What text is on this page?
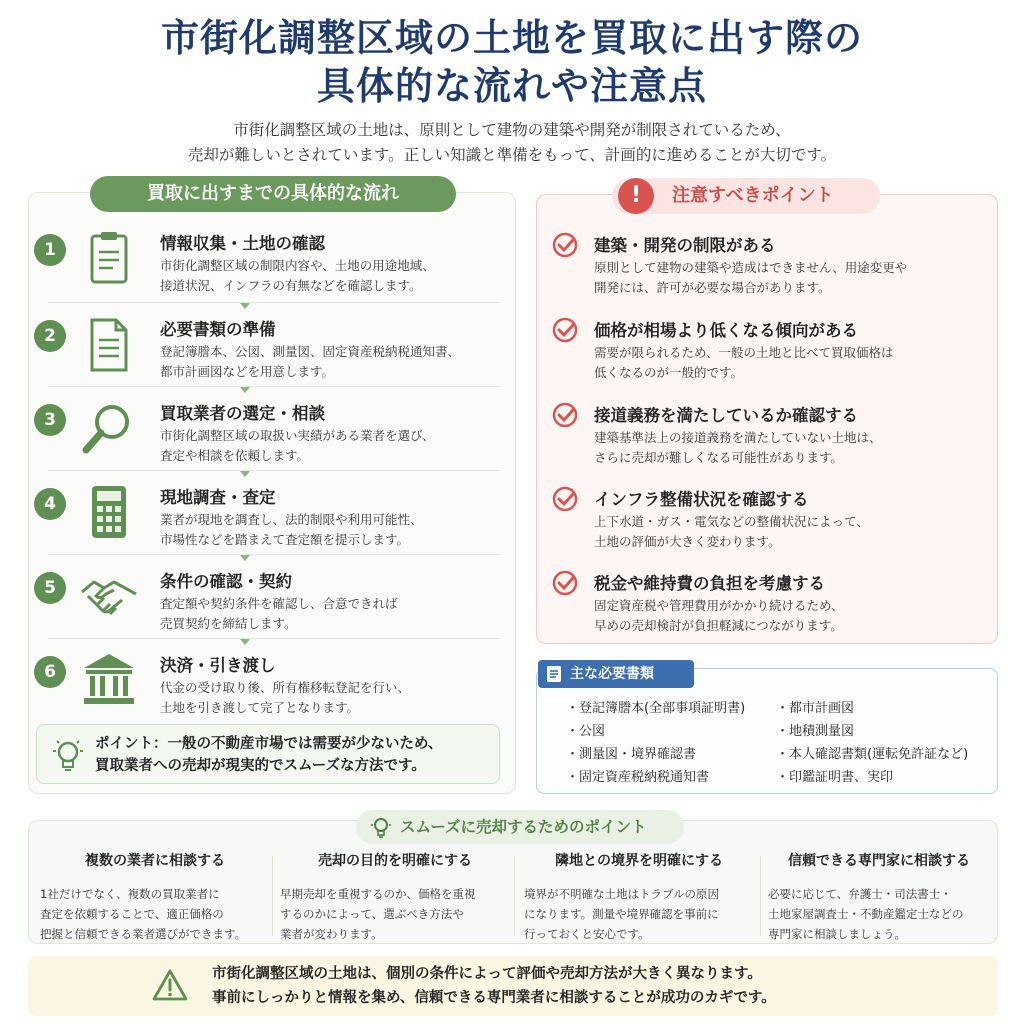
市街化調整区域の土地を買取に出す際の
具体的な流れや注意点
市街化調整区域の土地は、原則として建物の建築や開発が制限されているため、
売却が難しいとされています。正しい知識と準備をもって、計画的に進めることが大切です。
買取に出すまでの具体的な流れ
1	情報収集・土地の確認
市街化調整区域の制限内容や、土地の用途地域、
接道状況、インフラの有無などを確認します。
2	必要書類の準備
登記簿謄本、公図、測量図、固定資産税納税通知書、
都市計画図などを用意します。
3	買取業者の選定・相談
市街化調整区域の取扱い実績がある業者を選び、
査定や相談を依頼します。
4	現地調査・査定
業者が現地を調査し、法的制限や利用可能性、
市場性などを踏まえて査定額を提示します。
5	条件の確認・契約
査定額や契約条件を確認し、合意できれば
売買契約を締結します。
6	決済・引き渡し
代金の受け取り後、所有権移転登記を行い、
土地を引き渡して完了となります。
ポイント：一般の不動産市場では需要が少ないため、
買取業者への売却が現実的でスムーズな方法です。
!	注意すべきポイント
建築・開発の制限がある
原則として建物の建築や造成はできません、用途変更や
開発には、許可が必要な場合があります。
価格が相場より低くなる傾向がある
需要が限られるため、一般の土地と比べて買取価格は
低くなるのが一般的です。
接道義務を満たしているか確認する
建築基準法上の接道義務を満たしていない土地は、
さらに売却が難しくなる可能性があります。
インフラ整備状況を確認する
上下水道・ガス・電気などの整備状況によって、
土地の評価が大きく変わります。
税金や維持費の負担を考慮する
固定資産税や管理費用がかかり続けるため、
早めの売却検討が負担軽減につながります。
主な必要書類
・登記簿謄本(全部事項証明書)
・公図
・測量図・境界確認書
・固定資産税納税通知書
・都市計画図
・地積測量図
・本人確認書類(運転免許証など)
・印鑑証明書、実印
スムーズに売却するためのポイント
複数の業者に相談する
1社だけでなく、複数の買取業者に
査定を依頼することで、適正価格の
把握と信頼できる業者選びができます。
売却の目的を明確にする
早期売却を重視するのか、価格を重視
するのかによって、選ぶべき方法や
業者が変わります。
隣地との境界を明確にする
境界が不明確な土地はトラブルの原因
になります。測量や境界確認を事前に
行っておくと安心です。
信頼できる専門家に相談する
必要に応じて、弁護士・司法書士・
土地家屋調査士・不動産鑑定士などの
専門家に相談しましょう。
市街化調整区域の土地は、個別の条件によって評価や売却方法が大きく異なります。
事前にしっかりと情報を集め、信頼できる専門業者に相談することが成功のカギです。
